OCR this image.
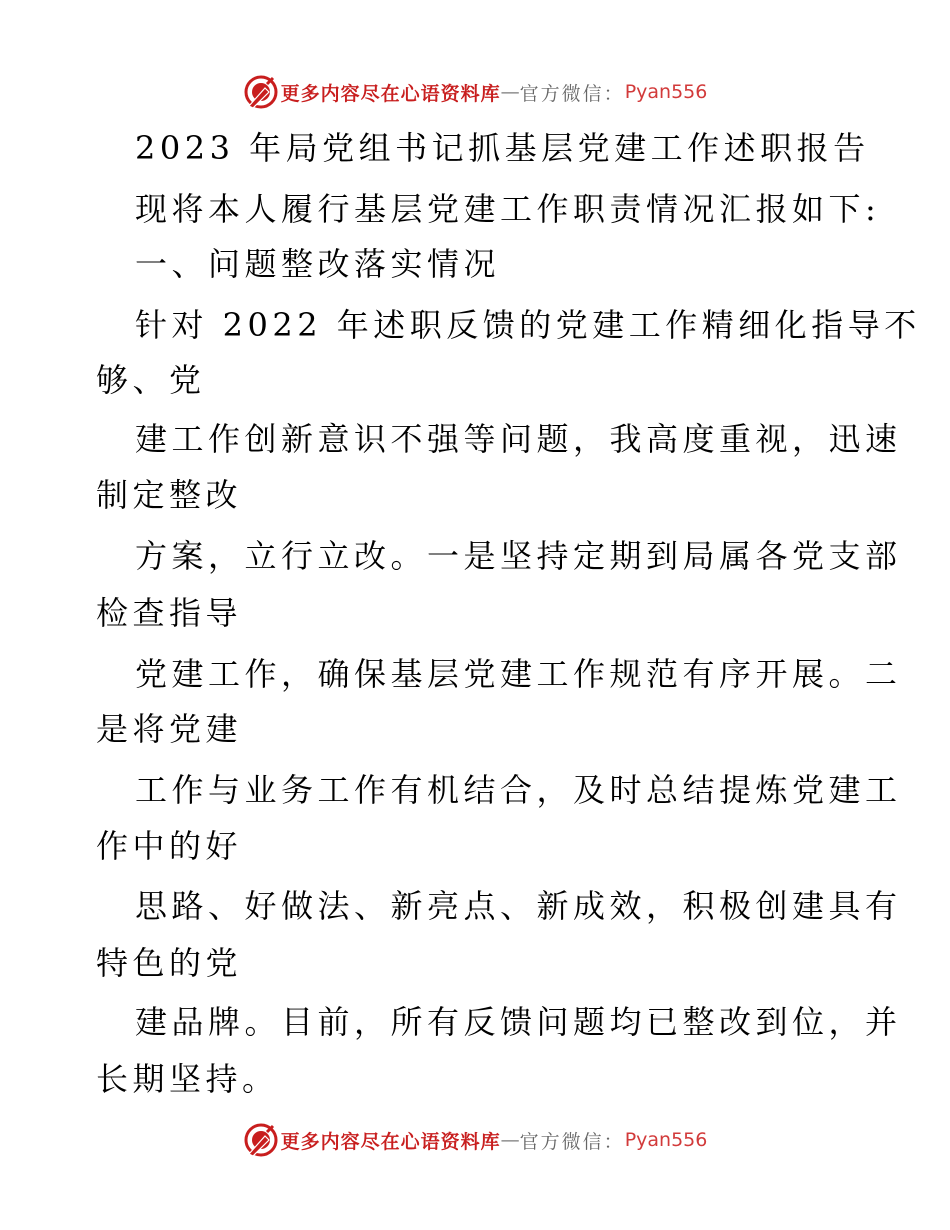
更多内容尽在心语资料库 — 官方微信： Pyan556
2023 年局党组书记抓基层党建工作述职报告
现将本人履行基层党建工作职责情况汇报如下:
一、问题整改落实情况
针对 2022 年述职反馈的党建工作精细化指导不
够、党
建工作创新意识不强等问题，我高度重视，迅速
制定整改
方案，立行立改。一是坚持定期到局属各党支部
检查指导
党建工作，确保基层党建工作规范有序开展。二
是将党建
工作与业务工作有机结合，及时总结提炼党建工
作中的好
思路、好做法、新亮点、新成效，积极创建具有
特色的党
建品牌。目前，所有反馈问题均已整改到位，并
长期坚持。
更多内容尽在心语资料库 — 官方微信： Pyan556
